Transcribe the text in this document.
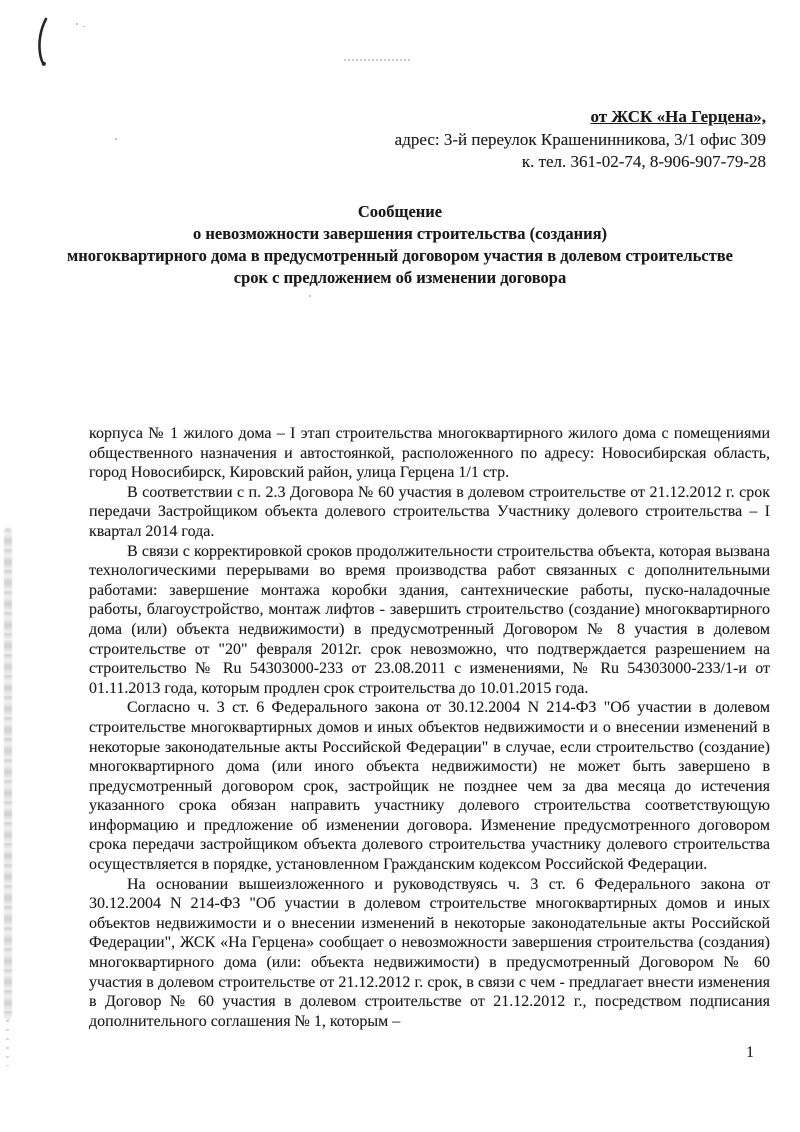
от ЖСК «На Герцена»,
адрес: 3-й переулок Крашенинникова, 3/1 офис 309
к. тел. 361-02-74, 8-906-907-79-28
Сообщение
о невозможности завершения строительства (создания)
многоквартирного дома в предусмотренный договором участия в долевом строительстве
срок с предложением об изменении договора

корпуса № 1 жилого дома – I этап строительства многоквартирного жилого дома с помещениями общественного назначения и автостоянкой, расположенного по адресу: Новосибирская область, город Новосибирск, Кировский район, улица Герцена 1/1 стр.

В соответствии с п. 2.3 Договора № 60 участия в долевом строительстве от 21.12.2012 г. срок передачи Застройщиком объекта долевого строительства Участнику долевого строительства – I квартал 2014 года.

В связи с корректировкой сроков продолжительности строительства объекта, которая вызвана технологическими перерывами во время производства работ связанных с дополнительными работами: завершение монтажа коробки здания, сантехнические работы, пуско-наладочные работы, благоустройство, монтаж лифтов - завершить строительство (создание) многоквартирного дома (или) объекта недвижимости) в предусмотренный Договором № 8 участия в долевом строительстве от "20" февраля 2012г. срок невозможно, что подтверждается разрешением на строительство № Ru 54303000-233 от 23.08.2011 с изменениями, № Ru 54303000-233/1-и от 01.11.2013 года, которым продлен срок строительства до 10.01.2015 года.

Согласно ч. 3 ст. 6 Федерального закона от 30.12.2004 N 214-ФЗ "Об участии в долевом строительстве многоквартирных домов и иных объектов недвижимости и о внесении изменений в некоторые законодательные акты Российской Федерации" в случае, если строительство (создание) многоквартирного дома (или иного объекта недвижимости) не может быть завершено в предусмотренный договором срок, застройщик не позднее чем за два месяца до истечения указанного срока обязан направить участнику долевого строительства соответствующую информацию и предложение об изменении договора. Изменение предусмотренного договором срока передачи застройщиком объекта долевого строительства участнику долевого строительства осуществляется в порядке, установленном Гражданским кодексом Российской Федерации.

На основании вышеизложенного и руководствуясь ч. 3 ст. 6 Федерального закона от 30.12.2004 N 214-ФЗ "Об участии в долевом строительстве многоквартирных домов и иных объектов недвижимости и о внесении изменений в некоторые законодательные акты Российской Федерации", ЖСК «На Герцена» сообщает о невозможности завершения строительства (создания) многоквартирного дома (или: объекта недвижимости) в предусмотренный Договором № 60 участия в долевом строительстве от 21.12.2012 г. срок, в связи с чем - предлагает внести изменения в Договор № 60 участия в долевом строительстве от 21.12.2012 г., посредством подписания дополнительного соглашения № 1, которым –

1
